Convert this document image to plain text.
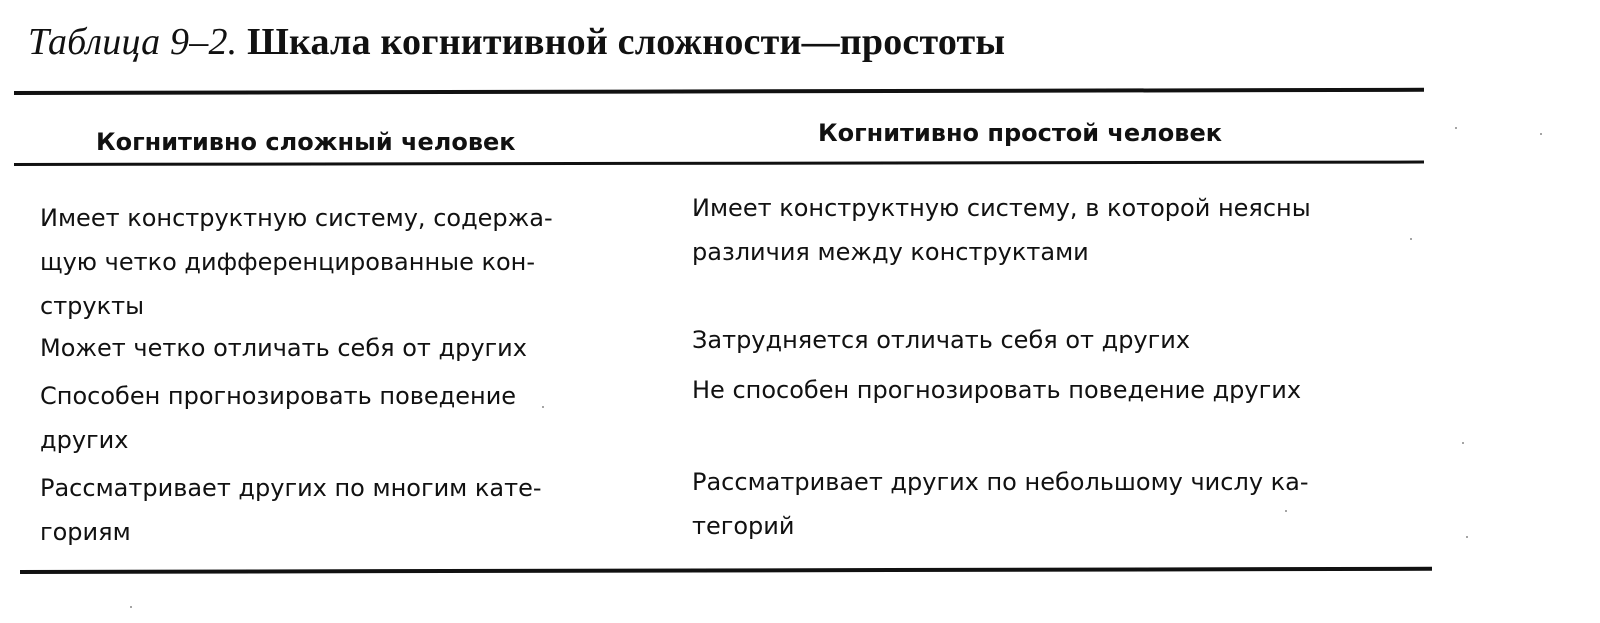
Таблица 9–2. Шкала когнитивной сложности—простоты
Когнитивно сложный человек	Когнитивно простой человек
Имеет конструктную систему, содержа-
щую четко дифференцированные кон-
структы
Имеет конструктную систему, в которой неясны
различия между конструктами
Может четко отличать себя от других	Затрудняется отличать себя от других
Способен прогнозировать поведение
других
Не способен прогнозировать поведение других
Рассматривает других по многим кате-
гориям
Рассматривает других по небольшому числу ка-
тегорий
